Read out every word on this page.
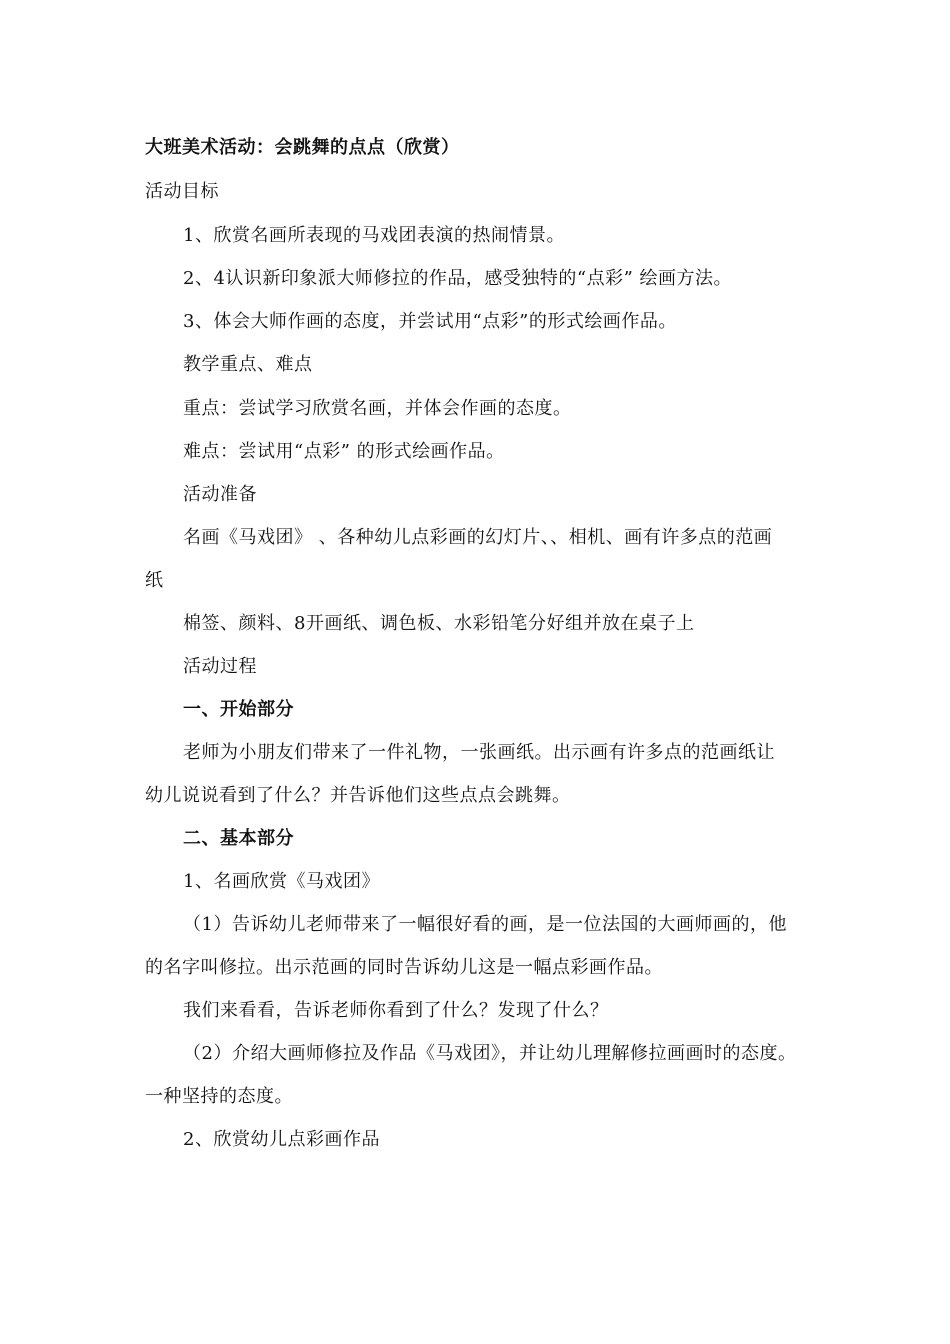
大班美术活动：会跳舞的点点（欣赏）
活动目标
1、欣赏名画所表现的马戏团表演的热闹情景。
2、4认识新印象派大师修拉的作品，感受独特的“点彩” 绘画方法。
3、体会大师作画的态度，并尝试用“点彩”的形式绘画作品。
教学重点、难点
重点：尝试学习欣赏名画，并体会作画的态度。
难点：尝试用“点彩” 的形式绘画作品。
活动准备
名画《马戏团》 、各种幼儿点彩画的幻灯片、、相机、画有许多点的范画
纸
棉签、颜料、8开画纸、调色板、水彩铅笔分好组并放在桌子上
活动过程
一、开始部分
老师为小朋友们带来了一件礼物，一张画纸。出示画有许多点的范画纸让
幼儿说说看到了什么？并告诉他们这些点点会跳舞。
二、基本部分
1、名画欣赏《马戏团》
（1）告诉幼儿老师带来了一幅很好看的画，是一位法国的大画师画的，他
的名字叫修拉。出示范画的同时告诉幼儿这是一幅点彩画作品。
我们来看看，告诉老师你看到了什么？发现了什么？
（2）介绍大画师修拉及作品《马戏团》，并让幼儿理解修拉画画时的态度。
一种坚持的态度。
2、欣赏幼儿点彩画作品
